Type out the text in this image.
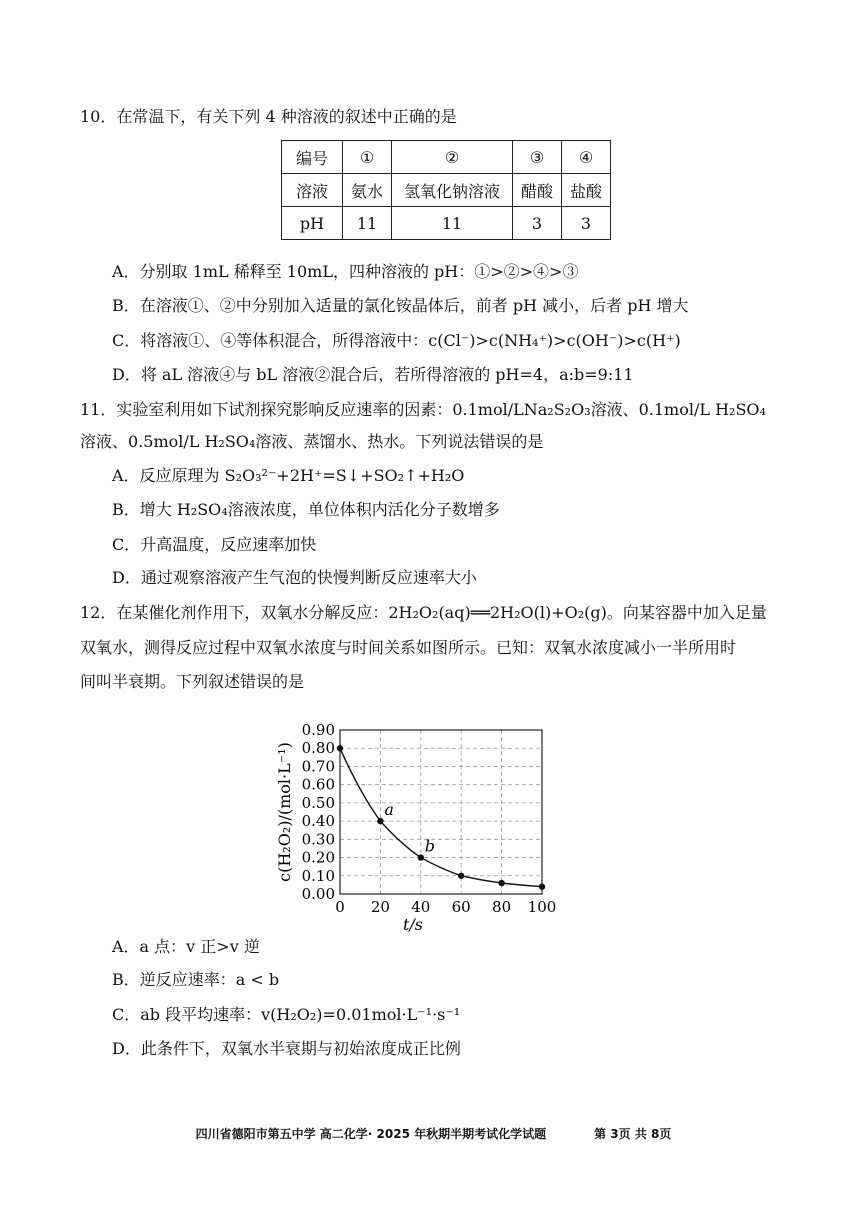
10．在常温下，有关下列 4 种溶液的叙述中正确的是
编号	①	②	③	④
溶液	氨水	氢氧化钠溶液	醋酸	盐酸
pH	11	11	3	3
A．分别取 1mL 稀释至 10mL，四种溶液的 pH：①>②>④>③
B．在溶液①、②中分别加入适量的氯化铵晶体后，前者 pH 减小，后者 pH 增大
C．将溶液①、④等体积混合，所得溶液中：c(Cl⁻)>c(NH₄⁺)>c(OH⁻)>c(H⁺)
D．将 aL 溶液④与 bL 溶液②混合后，若所得溶液的 pH=4，a:b=9:11
11．实验室利用如下试剂探究影响反应速率的因素：0.1mol/LNa₂S₂O₃溶液、0.1mol/L H₂SO₄
溶液、0.5mol/L H₂SO₄溶液、蒸馏水、热水。下列说法错误的是
A．反应原理为 S₂O₃²⁻+2H⁺=S↓+SO₂↑+H₂O
B．增大 H₂SO₄溶液浓度，单位体积内活化分子数增多
C．升高温度，反应速率加快
D．通过观察溶液产生气泡的快慢判断反应速率大小
12．在某催化剂作用下，双氧水分解反应：2H₂O₂(aq)══2H₂O(l)+O₂(g)。向某容器中加入足量
双氧水，测得反应过程中双氧水浓度与时间关系如图所示。已知：双氧水浓度减小一半所用时
间叫半衰期。下列叙述错误的是
0.00
0.10
0.20
0.30
0.40
0.50
0.60
0.70
0.80
0.90
0 20 40 60 80 100
a
b
c(H₂O₂)/(mol·L⁻¹)
t/s
A．a 点：v 正>v 逆
B．逆反应速率：a < b
C．ab 段平均速率：v(H₂O₂)=0.01mol·L⁻¹·s⁻¹
D．此条件下，双氧水半衰期与初始浓度成正比例
四川省德阳市第五中学 高二化学· 2025 年秋期半期考试化学试题　　　　第 3页 共 8页
